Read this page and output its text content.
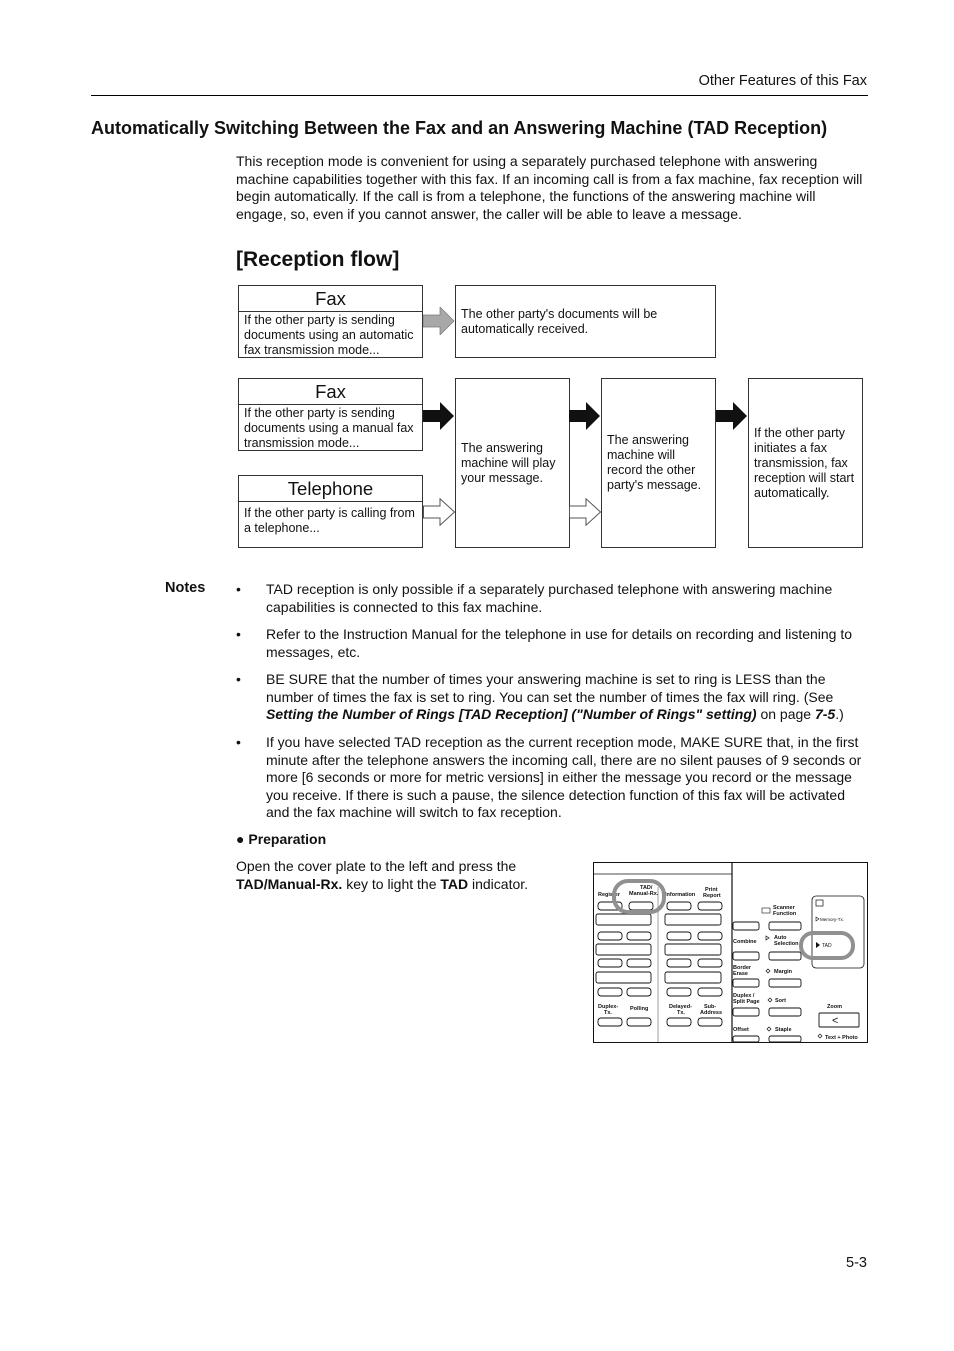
Other Features of this Fax
Automatically Switching Between the Fax and an Answering Machine (TAD Reception)
This reception mode is convenient for using a separately purchased telephone with answering machine capabilities together with this fax. If an incoming call is from a fax machine, fax reception will begin automatically. If the call is from a telephone, the functions of the answering machine will engage, so, even if you cannot answer, the caller will be able to leave a message.
[Reception flow]
Fax
If the other party is sending documents using an automatic fax transmission mode...
The other party's documents will be automatically received.
Fax
If the other party is sending documents using a manual fax transmission mode...
Telephone
If the other party is calling from a telephone...
The answering machine will play your message.
The answering machine will record the other party's message.
If the other party initiates a fax transmission, fax reception will start automatically.
Notes • TAD reception is only possible if a separately purchased telephone with answering machine capabilities is connected to this fax machine.
• Refer to the Instruction Manual for the telephone in use for details on recording and listening to messages, etc.
• BE SURE that the number of times your answering machine is set to ring is LESS than the number of times the fax is set to ring. You can set the number of times the fax will ring. (See Setting the Number of Rings [TAD Reception] ("Number of Rings" setting) on page 7-5.)
• If you have selected TAD reception as the current reception mode, MAKE SURE that, in the first minute after the telephone answers the incoming call, there are no silent pauses of 9 seconds or more [6 seconds or more for metric versions] in either the message you record or the message you receive. If there is such a pause, the silence detection function of this fax will be activated and the fax machine will switch to fax reception.
● Preparation
Open the cover plate to the left and press the TAD/Manual-Rx. key to light the TAD indicator.
Register
TAD/
Manual-Rx. Information
Print
Report
Duplex-
Tx.
Polling	Delayed-
Tx.
Sub-
Address
Scanner
Function
Auto
Selection
Combine
Border
Erase	Margin
Duplex /
Split Page	Sort
Offset	Staple
Zoom
Text + Photo
<
Memory-Tx.
TAD
Auto-Rx.
5-3
